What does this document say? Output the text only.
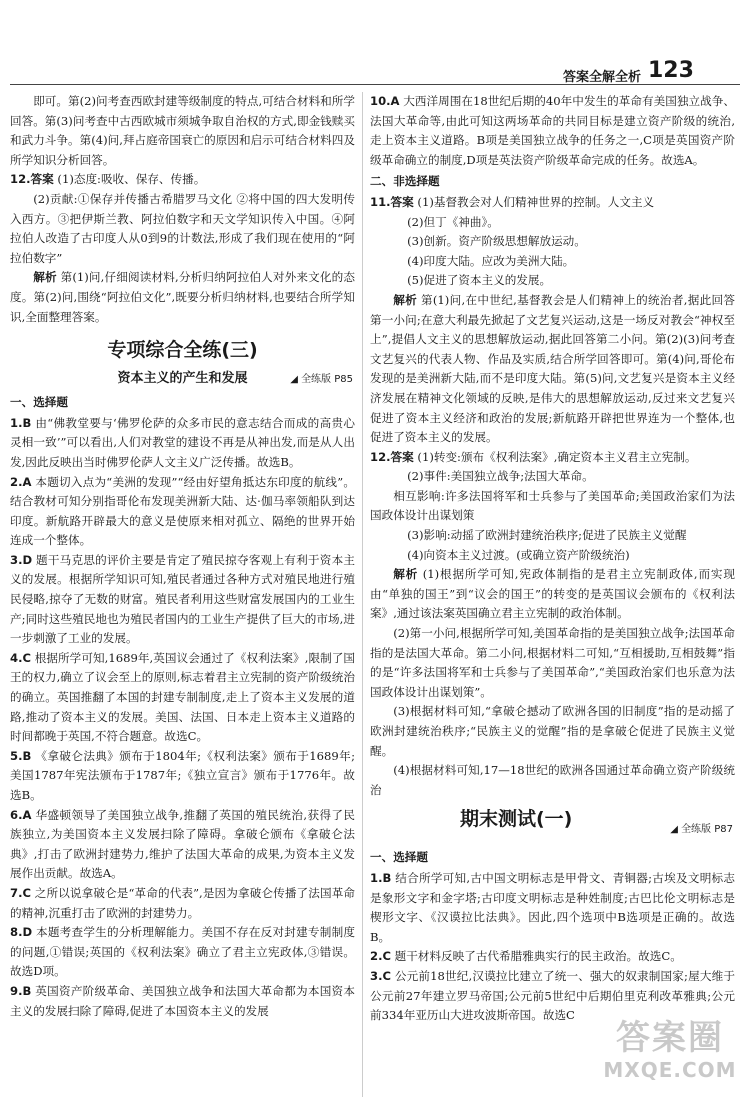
答案全解全析 123

即可。第(2)问考查西欧封建等级制度的特点,可结合材料和所学回答。第(3)问考查中古西欧城市须城争取自治权的方式,即金钱赎买和武力斗争。第(4)问,拜占庭帝国衰亡的原因和启示可结合材料四及所学知识分析回答。

12.答案 (1)态度:吸收、保存、传播。

(2)贡献:①保存并传播古希腊罗马文化 ②将中国的四大发明传入西方。③把伊斯兰教、阿拉伯数字和天文学知识传入中国。④阿拉伯人改造了古印度人从0到9的计数法,形成了我们现在使用的“阿拉伯数字”

解析 第(1)问,仔细阅读材料,分析归纳阿拉伯人对外来文化的态度。第(2)问,围绕“阿拉伯文化”,既要分析归纳材料,也要结合所学知识,全面整理答案。

专项综合全练(三)
资本主义的产生和发展	◢ 全练版 P85
一、选择题

1.B 由“佛教堂要与‘佛罗伦萨的众多市民的意志结合而成的高贵心灵相一致’”可以看出,人们对教堂的建设不再是从神出发,而是从人出发,因此反映出当时佛罗伦萨人文主义广泛传播。故选B。

2.A 本题切入点为“美洲的发现”“经由好望角抵达东印度的航线”。结合教材可知分别指哥伦布发现美洲新大陆、达·伽马率领船队到达印度。新航路开辟最大的意义是使原来相对孤立、隔绝的世界开始连成一个整体。

3.D 题干马克思的评价主要是肯定了殖民掠夺客观上有利于资本主义的发展。根据所学知识可知,殖民者通过各种方式对殖民地进行殖民侵略,掠夺了无数的财富。殖民者利用这些财富发展国内的工业生产;同时这些殖民地也为殖民者国内的工业生产提供了巨大的市场,进一步刺激了工业的发展。

4.C 根据所学可知,1689年,英国议会通过了《权利法案》,限制了国王的权力,确立了议会至上的原则,标志着君主立宪制的资产阶级统治的确立。英国推翻了本国的封建专制制度,走上了资本主义发展的道路,推动了资本主义的发展。美国、法国、日本走上资本主义道路的时间都晚于英国,不符合题意。故选C。

5.B 《拿破仑法典》颁布于1804年;《权利法案》颁布于1689年;美国1787年宪法颁布于1787年;《独立宣言》颁布于1776年。故选B。

6.A 华盛顿领导了美国独立战争,推翻了英国的殖民统治,获得了民族独立,为美国资本主义发展扫除了障碍。拿破仑颁布《拿破仑法典》,打击了欧洲封建势力,维护了法国大革命的成果,为资本主义发展作出贡献。故选A。

7.C 之所以说拿破仑是“革命的代表”,是因为拿破仑传播了法国革命的精神,沉重打击了欧洲的封建势力。

8.D 本题考查学生的分析理解能力。美国不存在反对封建专制制度的问题,①错误;英国的《权利法案》确立了君主立宪政体,③错误。故选D项。

9.B 英国资产阶级革命、美国独立战争和法国大革命都为本国资本主义的发展扫除了障碍,促进了本国资本主义的发展

10.A 大西洋周围在18世纪后期的40年中发生的革命有美国独立战争、法国大革命等,由此可知这两场革命的共同目标是建立资产阶级的统治,走上资本主义道路。B项是美国独立战争的任务之一,C项是英国资产阶级革命确立的制度,D项是英法资产阶级革命完成的任务。故选A。

二、非选择题

11.答案 (1)基督教会对人们精神世界的控制。人文主义

(2)但丁《神曲》。

(3)创新。资产阶级思想解放运动。

(4)印度大陆。应改为美洲大陆。

(5)促进了资本主义的发展。

解析 第(1)问,在中世纪,基督教会是人们精神上的统治者,据此回答第一小问;在意大利最先掀起了文艺复兴运动,这是一场反对教会“神权至上”,提倡人文主义的思想解放运动,据此回答第二小问。第(2)(3)问考查文艺复兴的代表人物、作品及实质,结合所学回答即可。第(4)问,哥伦布发现的是美洲新大陆,而不是印度大陆。第(5)问,文艺复兴是资本主义经济发展在精神文化领域的反映,是伟大的思想解放运动,反过来文艺复兴促进了资本主义经济和政治的发展;新航路开辟把世界连为一个整体,也促进了资本主义的发展。

12.答案 (1)转变:颁布《权利法案》,确定资本主义君主立宪制。

(2)事件:美国独立战争;法国大革命。

相互影响:许多法国将军和士兵参与了美国革命;美国政治家们为法国政体设计出谋划策

(3)影响:动摇了欧洲封建统治秩序;促进了民族主义觉醒

(4)向资本主义过渡。(或确立资产阶级统治)

解析 (1)根据所学可知,宪政体制指的是君主立宪制政体,而实现由“单独的国王”到“议会的国王”的转变的是英国议会颁布的《权利法案》,通过该法案英国确立君主立宪制的政治体制。

(2)第一小问,根据所学可知,美国革命指的是美国独立战争;法国革命指的是法国大革命。第二小问,根据材料二可知,“互相援助,互相鼓舞”指的是“许多法国将军和士兵参与了美国革命”,“美国政治家们也乐意为法国政体设计出谋划策”。

(3)根据材料可知,“拿破仑撼动了欧洲各国的旧制度”指的是动摇了欧洲封建统治秩序;“民族主义的觉醒”指的是拿破仑促进了民族主义觉醒。

(4)根据材料可知,17—18世纪的欧洲各国通过革命确立资产阶级统治

期末测试(一)	◢ 全练版 P87
一、选择题

1.B 结合所学可知,古中国文明标志是甲骨文、青铜器;古埃及文明标志是象形文字和金字塔;古印度文明标志是种姓制度;古巴比伦文明标志是楔形文字、《汉谟拉比法典》。因此,四个选项中B选项是正确的。故选B。

2.C 题干材料反映了古代希腊雅典实行的民主政治。故选C。

3.C 公元前18世纪,汉谟拉比建立了统一、强大的奴隶制国家;屋大维于公元前27年建立罗马帝国;公元前5世纪中后期伯里克利改革雅典;公元前334年亚历山大进攻波斯帝国。故选C

答案圈
MXQE.COM
